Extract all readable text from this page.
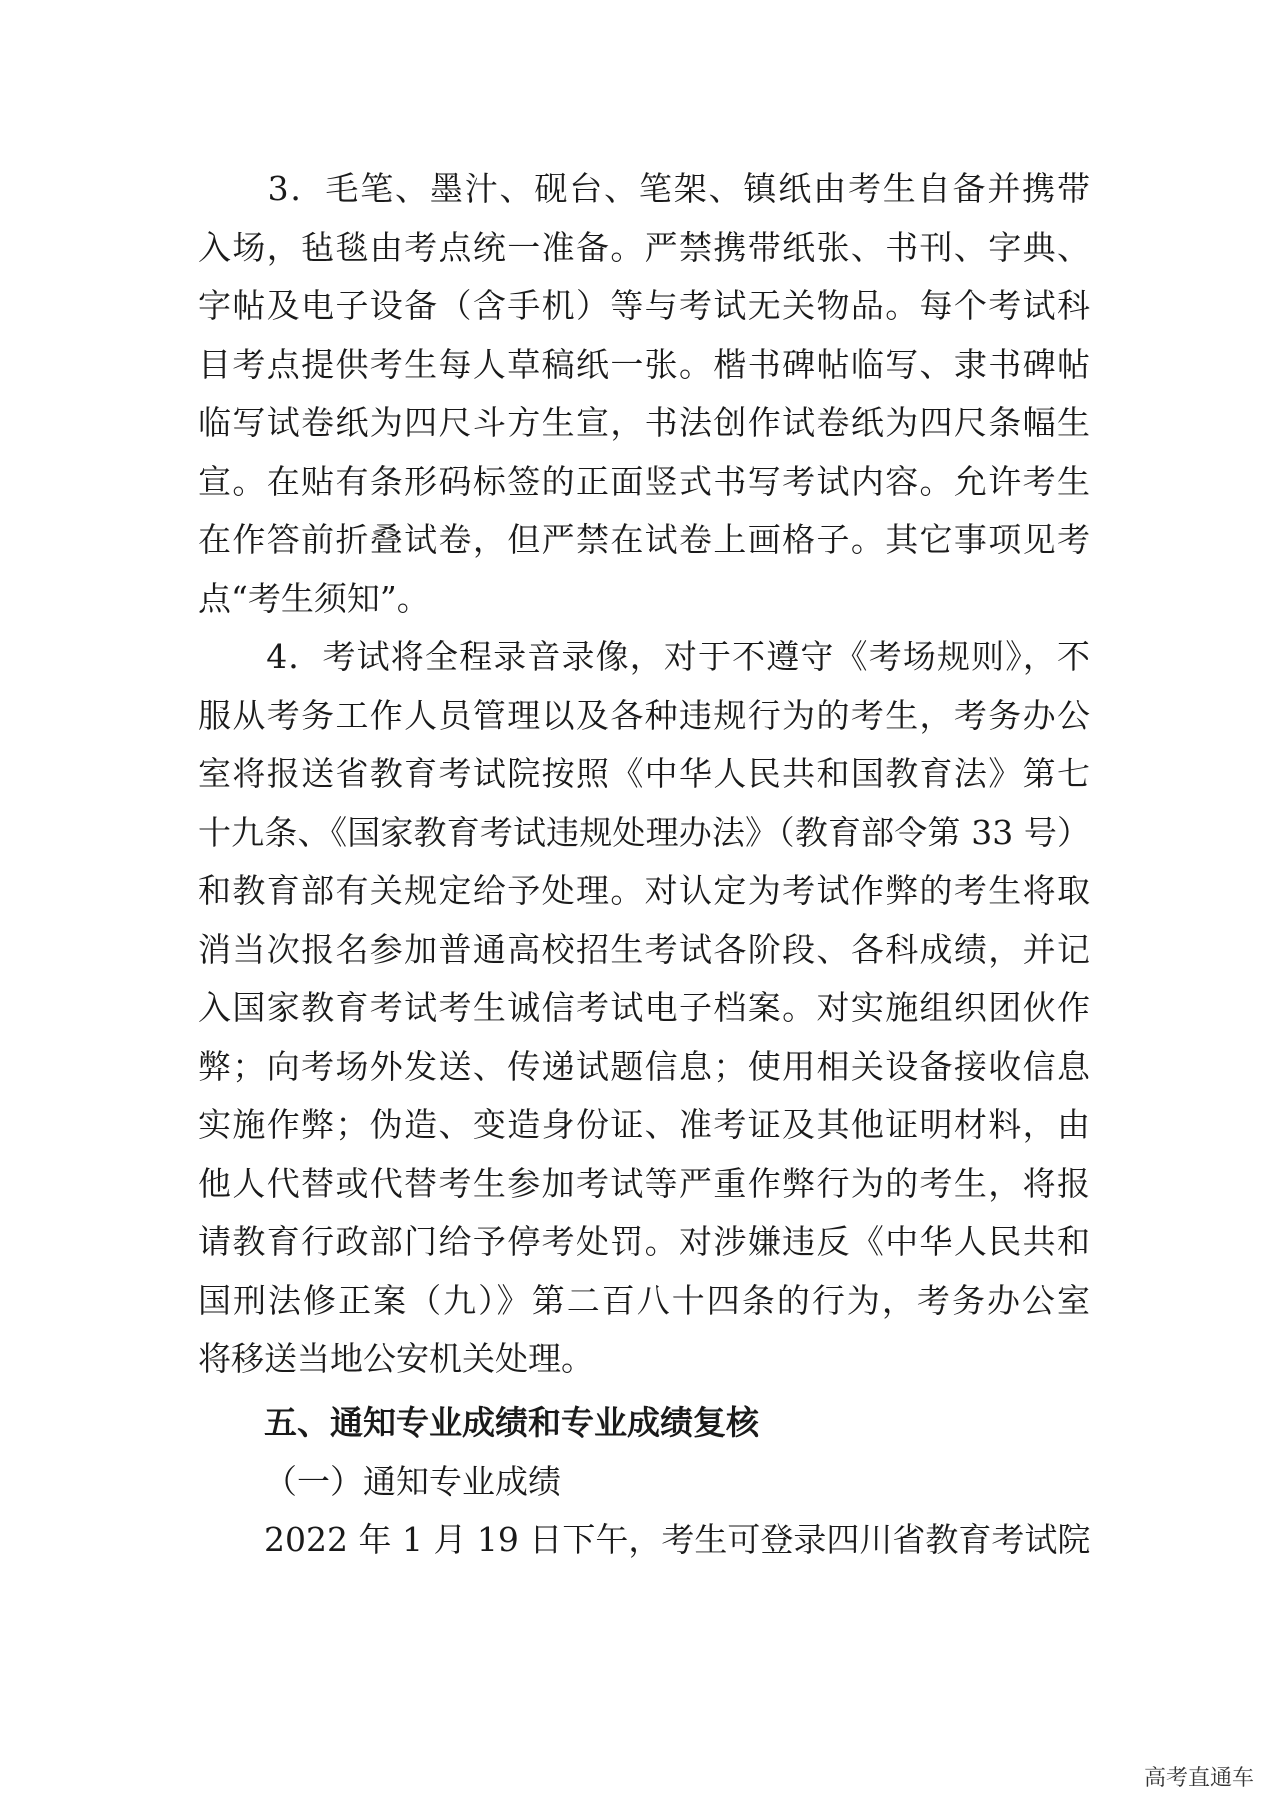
　　3．毛笔、墨汁、砚台、笔架、镇纸由考生自备并携带
入场，毡毯由考点统一准备。严禁携带纸张、书刊、字典、
字帖及电子设备（含手机）等与考试无关物品。每个考试科
目考点提供考生每人草稿纸一张。楷书碑帖临写、隶书碑帖
临写试卷纸为四尺斗方生宣，书法创作试卷纸为四尺条幅生
宣。在贴有条形码标签的正面竖式书写考试内容。允许考生
在作答前折叠试卷，但严禁在试卷上画格子。其它事项见考
点“考生须知”。
　　4．考试将全程录音录像，对于不遵守《考场规则》，不
服从考务工作人员管理以及各种违规行为的考生，考务办公
室将报送省教育考试院按照《中华人民共和国教育法》第七
十九条、《国家教育考试违规处理办法》（教育部令第 33 号）
和教育部有关规定给予处理。对认定为考试作弊的考生将取
消当次报名参加普通高校招生考试各阶段、各科成绩，并记
入国家教育考试考生诚信考试电子档案。对实施组织团伙作
弊；向考场外发送、传递试题信息；使用相关设备接收信息
实施作弊；伪造、变造身份证、准考证及其他证明材料，由
他人代替或代替考生参加考试等严重作弊行为的考生，将报
请教育行政部门给予停考处罚。对涉嫌违反《中华人民共和
国刑法修正案（九）》第二百八十四条的行为，考务办公室
将移送当地公安机关处理。
五、通知专业成绩和专业成绩复核
（一）通知专业成绩
　　2022 年 1 月 19 日下午，考生可登录四川省教育考试院
高考直通车
